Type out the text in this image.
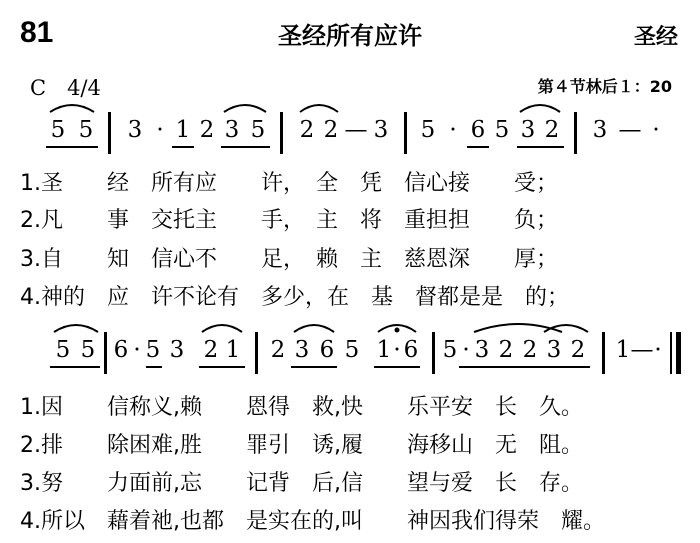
81	圣经所有应许	圣经
C　4/4	第４节林后１：20
5 5 3 · 1 2 3 5 2 2 — 3 5 · 6 5 3 2 3 — ·
1.圣　　经　所有应　　许，　全　凭　信心接　　受；
2.凡　　事　交托主　　手，　主　将　重担担　　负；
3.自　　知　信心不　　足，　赖　主　慈恩深　　厚；
4.神的　应　许不论有　多少，在　基　督都是是　的；
5 5 6 · 5 3 2 1 2 3 6 5 1 · 6 5 · 3 2 2 3 2 1 — ·
1.因　　信称义,赖　　恩得　救,快　　乐平安　长　久。
2.排　　除困难,胜　　罪引　诱,履　　海移山　无　阻。
3.努　　力面前,忘　　记背　后,信　　望与爱　长　存。
4.所以　藉着祂,也都　是实在的,叫　　神因我们得荣　耀。
